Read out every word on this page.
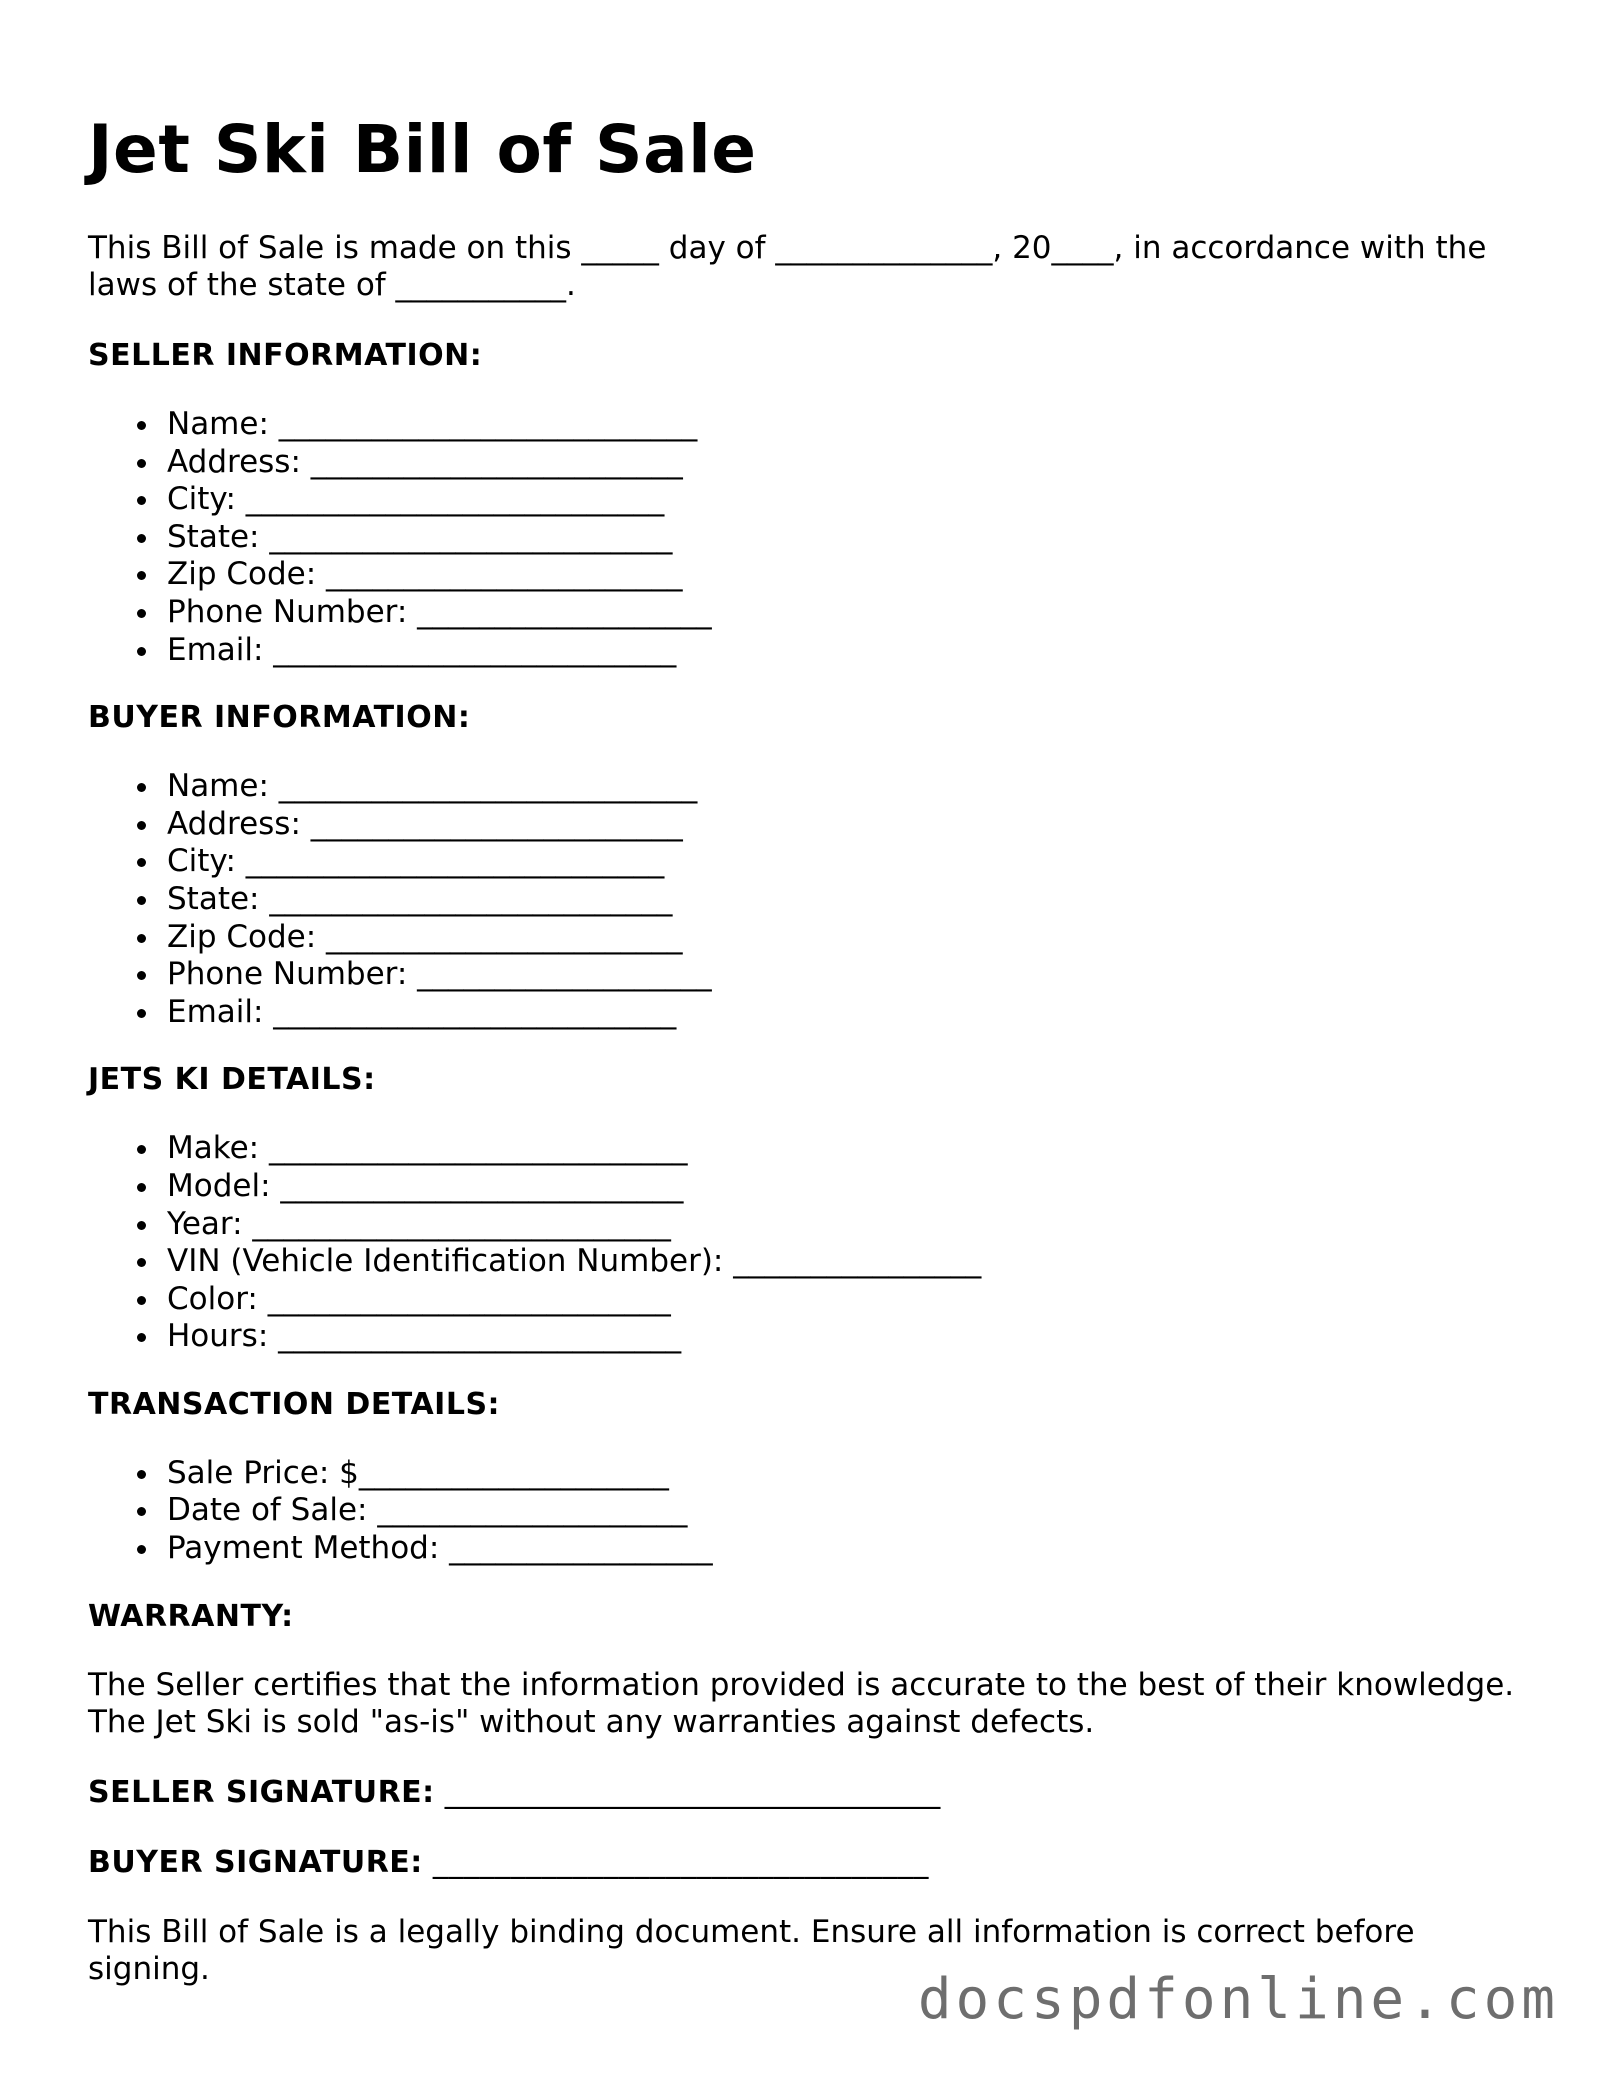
Jet Ski Bill of Sale

This Bill of Sale is made on this _____ day of ______________, 20____, in accordance with the laws of the state of ___________.

SELLER INFORMATION:
Name: ___________________________
Address: ________________________
City: ___________________________
State: __________________________
Zip Code: _______________________
Phone Number: ___________________
Email: __________________________
BUYER INFORMATION:
Name: ___________________________
Address: ________________________
City: ___________________________
State: __________________________
Zip Code: _______________________
Phone Number: ___________________
Email: __________________________
JETS KI DETAILS:
Make: ___________________________
Model: __________________________
Year: ___________________________
VIN (Vehicle Identification Number): ________________
Color: __________________________
Hours: __________________________
TRANSACTION DETAILS:
Sale Price: $____________________
Date of Sale: ____________________
Payment Method: _________________
WARRANTY:

The Seller certifies that the information provided is accurate to the best of their knowledge. The Jet Ski is sold "as-is" without any warranties against defects.

SELLER SIGNATURE: ________________________________
BUYER SIGNATURE: ________________________________

This Bill of Sale is a legally binding document. Ensure all information is correct before signing.	docspdfonline.com
